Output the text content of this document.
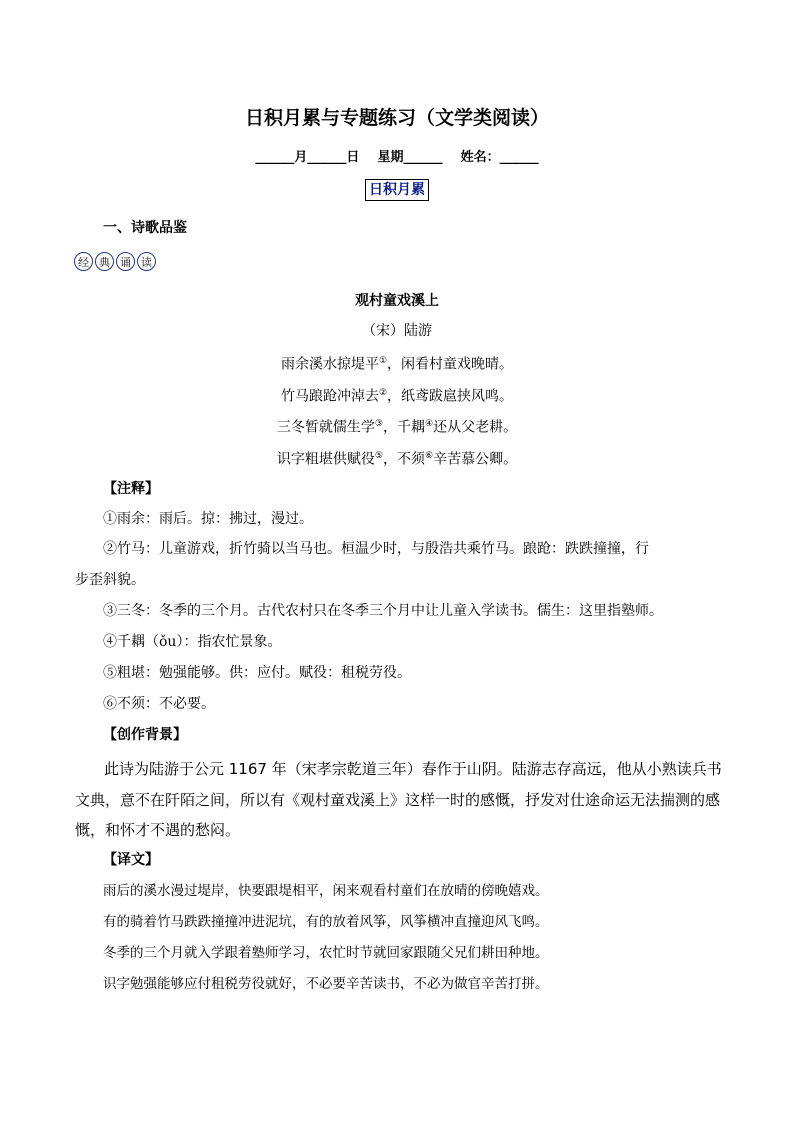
日积月累与专题练习（文学类阅读）
______月______日    星期______    姓名：______
日积月累
一、诗歌品鉴
经 典 诵 读
观村童戏溪上
（宋）陆游
雨余溪水掠堤平①，闲看村童戏晚晴。
竹马踉跄冲淖去②，纸鸢跋扈挟风鸣。
三冬暂就儒生学③，千耦④还从父老耕。
识字粗堪供赋役⑤，不须⑥辛苦慕公卿。
【注释】
①雨余：雨后。掠：拂过，漫过。
②竹马：儿童游戏，折竹骑以当马也。桓温少时，与殷浩共乘竹马。踉跄：跌跌撞撞，行
步歪斜貌。
③三冬：冬季的三个月。古代农村只在冬季三个月中让儿童入学读书。儒生：这里指塾师。
④千耦（ǒu）：指农忙景象。
⑤粗堪：勉强能够。供：应付。赋役：租税劳役。
⑥不须：不必要。
【创作背景】
此诗为陆游于公元 1167 年（宋孝宗乾道三年）春作于山阴。陆游志存高远，他从小熟读兵书文典，意不在阡陌之间，所以有《观村童戏溪上》这样一时的感慨，抒发对仕途命运无法揣测的感慨，和怀才不遇的愁闷。
【译文】
雨后的溪水漫过堤岸，快要跟堤相平，闲来观看村童们在放晴的傍晚嬉戏。
有的骑着竹马跌跌撞撞冲进泥坑，有的放着风筝，风筝横冲直撞迎风飞鸣。
冬季的三个月就入学跟着塾师学习，农忙时节就回家跟随父兄们耕田种地。
识字勉强能够应付租税劳役就好，不必要辛苦读书，不必为做官辛苦打拼。
